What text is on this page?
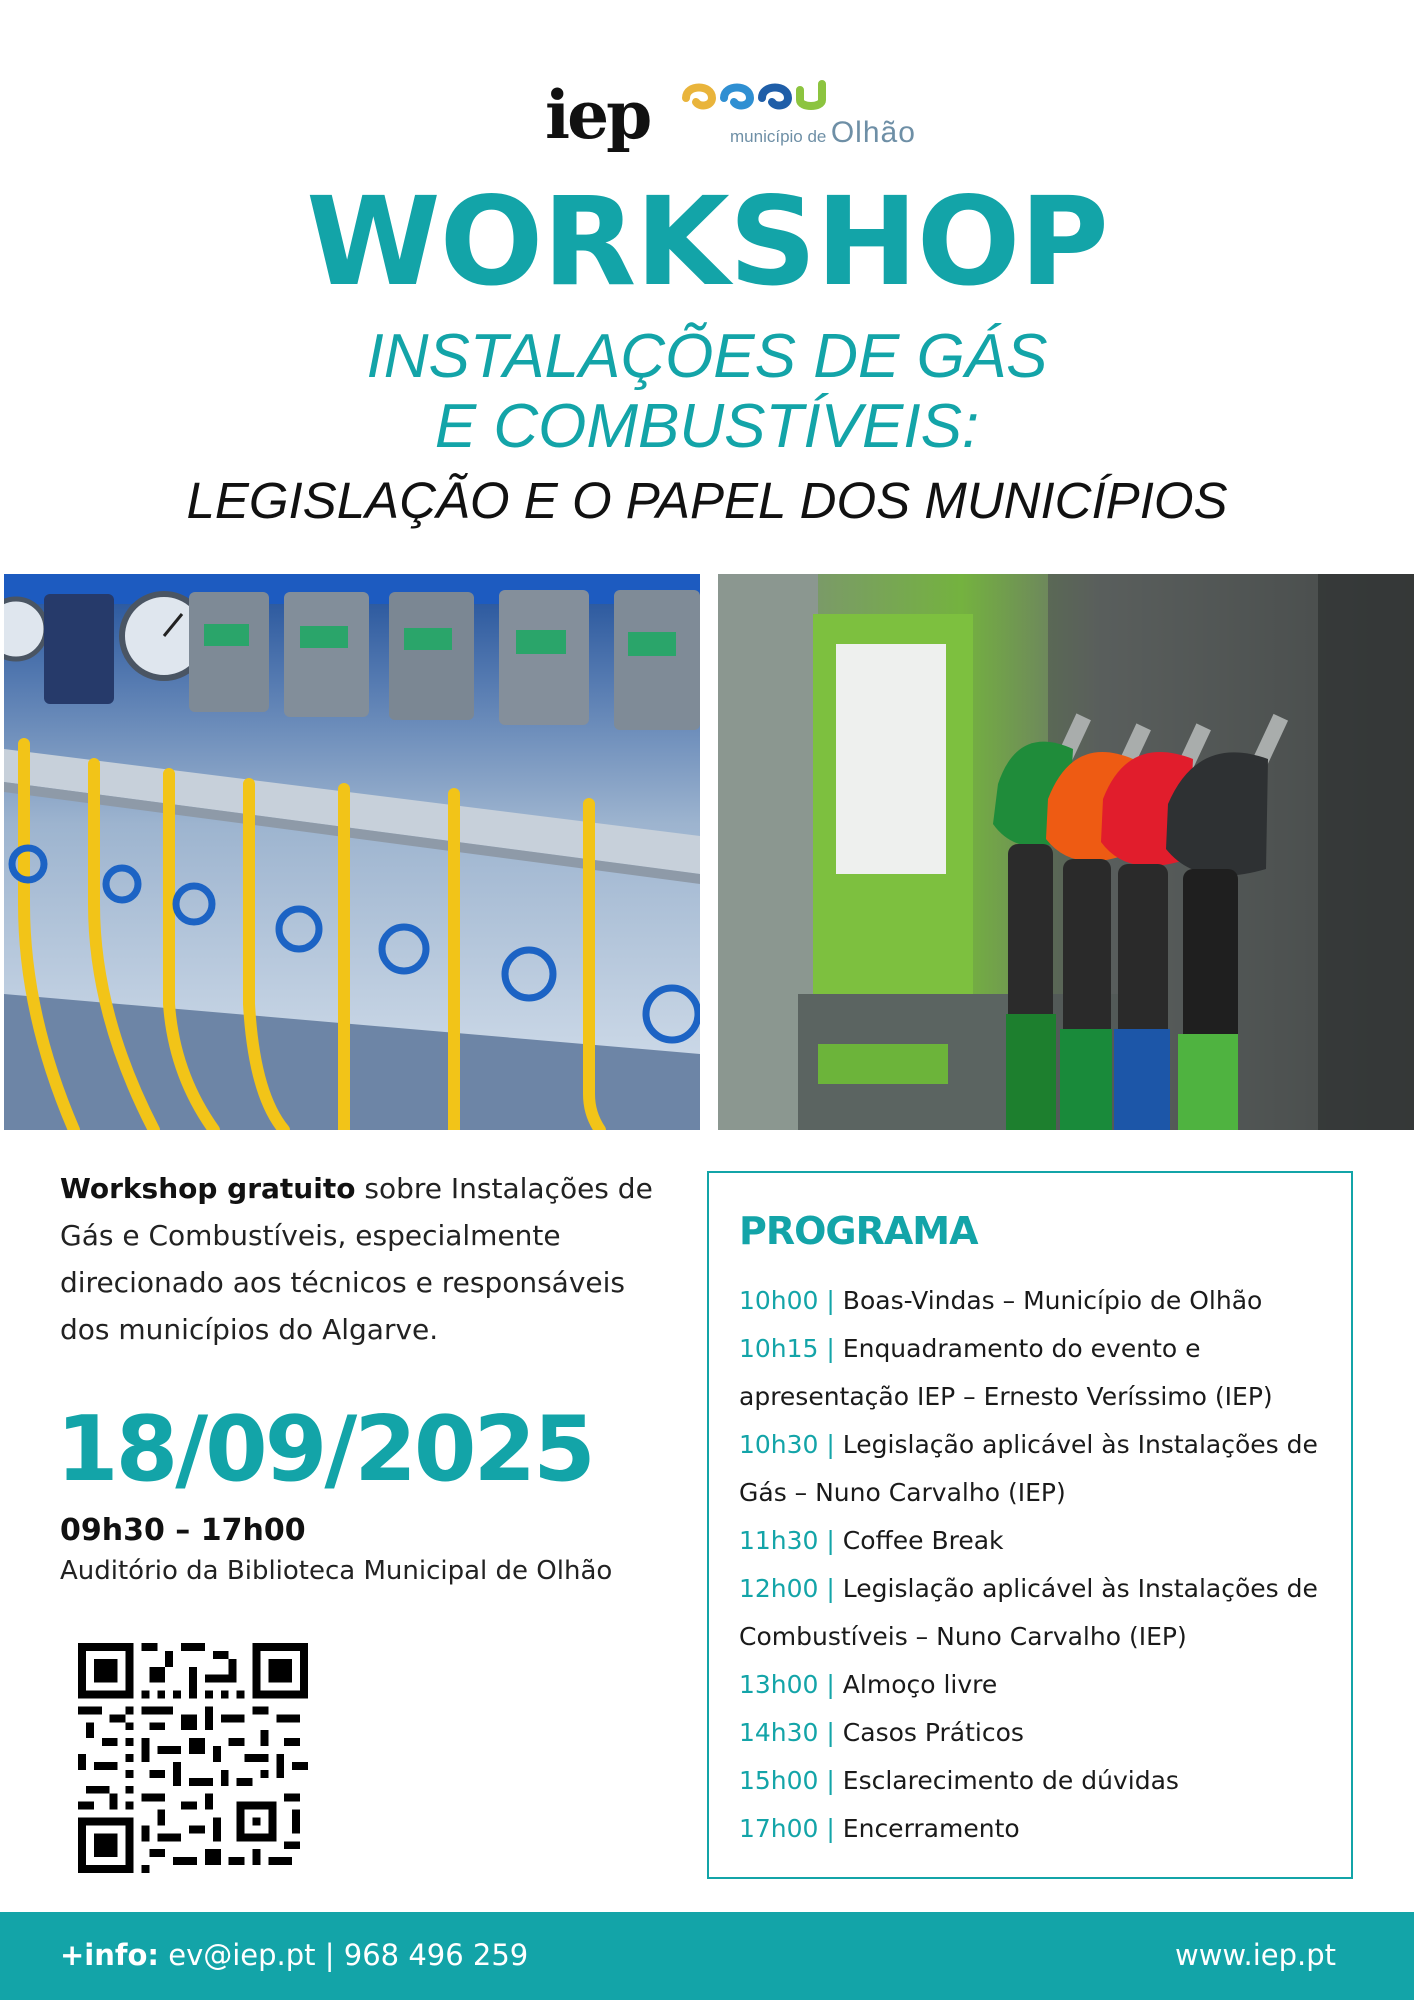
iep	município de Olhão
WORKSHOP
INSTALAÇÕES DE GÁS
E COMBUSTÍVEIS:
LEGISLAÇÃO E O PAPEL DOS MUNICÍPIOS
Workshop gratuito sobre Instalações de Gás e Combustíveis, especialmente direcionado aos técnicos e responsáveis dos municípios do Algarve.
18/09/2025
09h30 – 17h00
Auditório da Biblioteca Municipal de Olhão
PROGRAMA
10h00 | Boas-Vindas – Município de Olhão
10h15 | Enquadramento do evento e apresentação IEP – Ernesto Veríssimo (IEP)
10h30 | Legislação aplicável às Instalações de Gás – Nuno Carvalho (IEP)
11h30 | Coffee Break
12h00 | Legislação aplicável às Instalações de Combustíveis – Nuno Carvalho (IEP)
13h00 | Almoço livre
14h30 | Casos Práticos
15h00 | Esclarecimento de dúvidas
17h00 | Encerramento
+info: ev@iep.pt | 968 496 259	www.iep.pt
